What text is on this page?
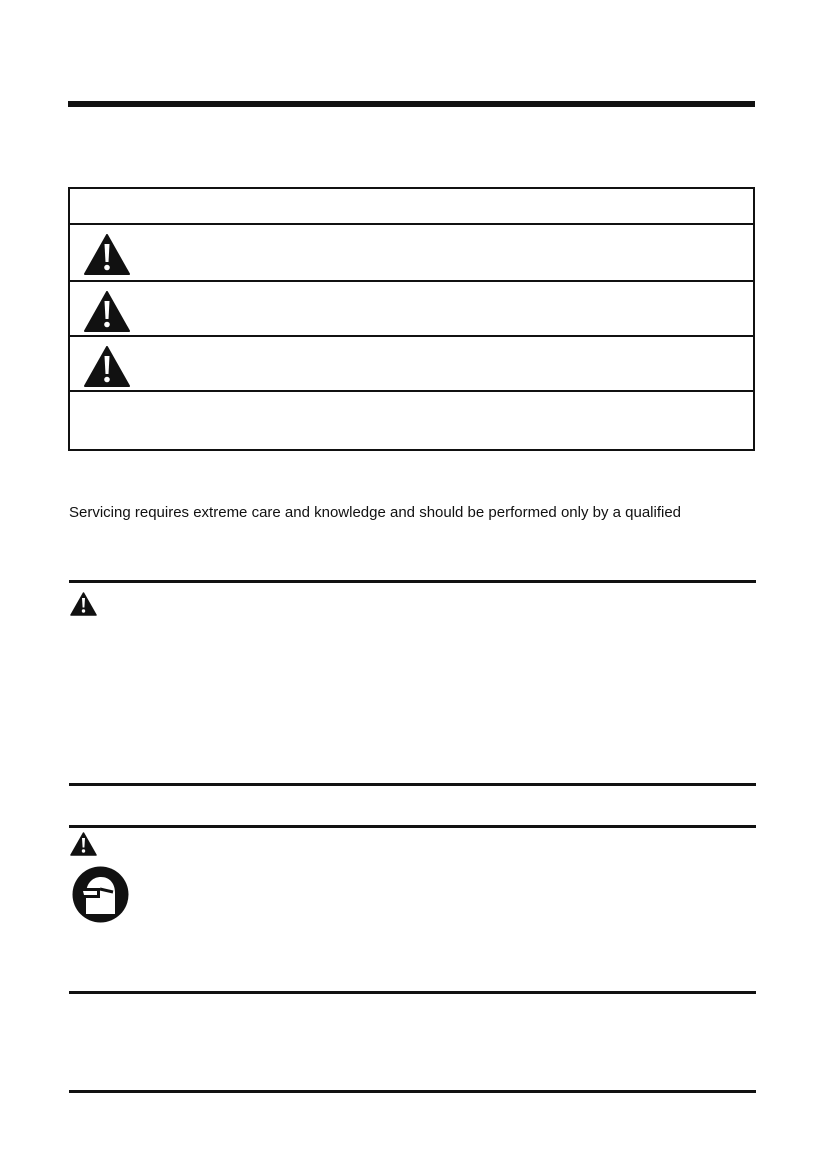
Servicing requires extreme care and knowledge and should be performed only by a qualified
